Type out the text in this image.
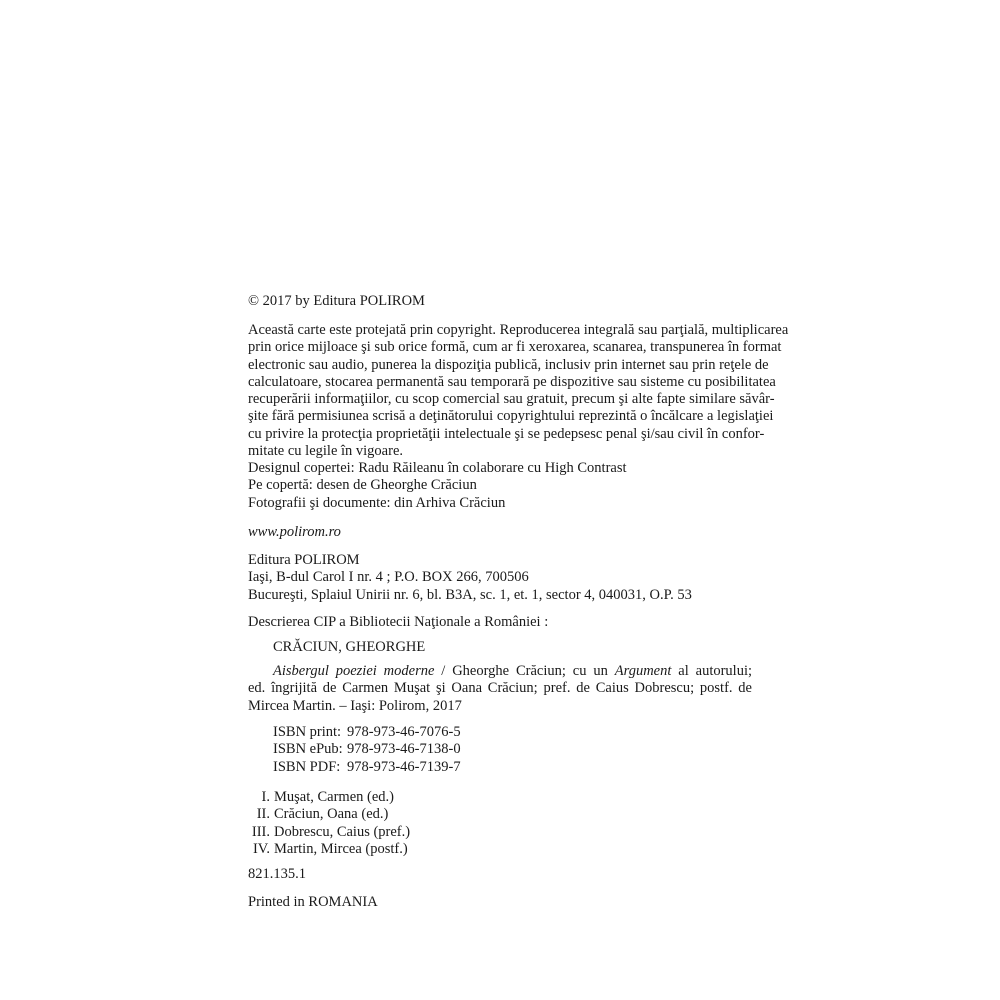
© 2017 by Editura POLIROM
Această carte este protejată prin copyright. Reproducerea integrală sau parţială, multiplicarea
prin orice mijloace şi sub orice formă, cum ar fi xeroxarea, scanarea, transpunerea în format
electronic sau audio, punerea la dispoziţia publică, inclusiv prin internet sau prin reţele de
calculatoare, stocarea permanentă sau temporară pe dispozitive sau sisteme cu posibilitatea
recuperării informaţiilor, cu scop comercial sau gratuit, precum şi alte fapte similare săvâr-
şite fără permisiunea scrisă a deţinătorului copyrightului reprezintă o încălcare a legislaţiei
cu privire la protecţia proprietăţii intelectuale şi se pedepsesc penal şi/sau civil în confor-
mitate cu legile în vigoare.
Designul copertei: Radu Răileanu în colaborare cu High Contrast
Pe copertă: desen de Gheorghe Crăciun
Fotografii şi documente: din Arhiva Crăciun
www.polirom.ro
Editura POLIROM
Iaşi, B-dul Carol I nr. 4 ; P.O. BOX 266, 700506
Bucureşti, Splaiul Unirii nr. 6, bl. B3A, sc. 1, et. 1, sector 4, 040031, O.P. 53
Descrierea CIP a Bibliotecii Naţionale a României :
CRĂCIUN, GHEORGHE
Aisbergul poeziei moderne / Gheorghe Crăciun; cu un Argument al autorului;
ed. îngrijită de Carmen Muşat şi Oana Crăciun; pref. de Caius Dobrescu; postf. de
Mircea Martin. – Iaşi: Polirom, 2017
ISBN print: 978-973-46-7076-5
ISBN ePub: 978-973-46-7138-0
ISBN PDF: 978-973-46-7139-7
I. Muşat, Carmen (ed.)
II. Crăciun, Oana (ed.)
III. Dobrescu, Caius (pref.)
IV. Martin, Mircea (postf.)
821.135.1
Printed in ROMANIA
